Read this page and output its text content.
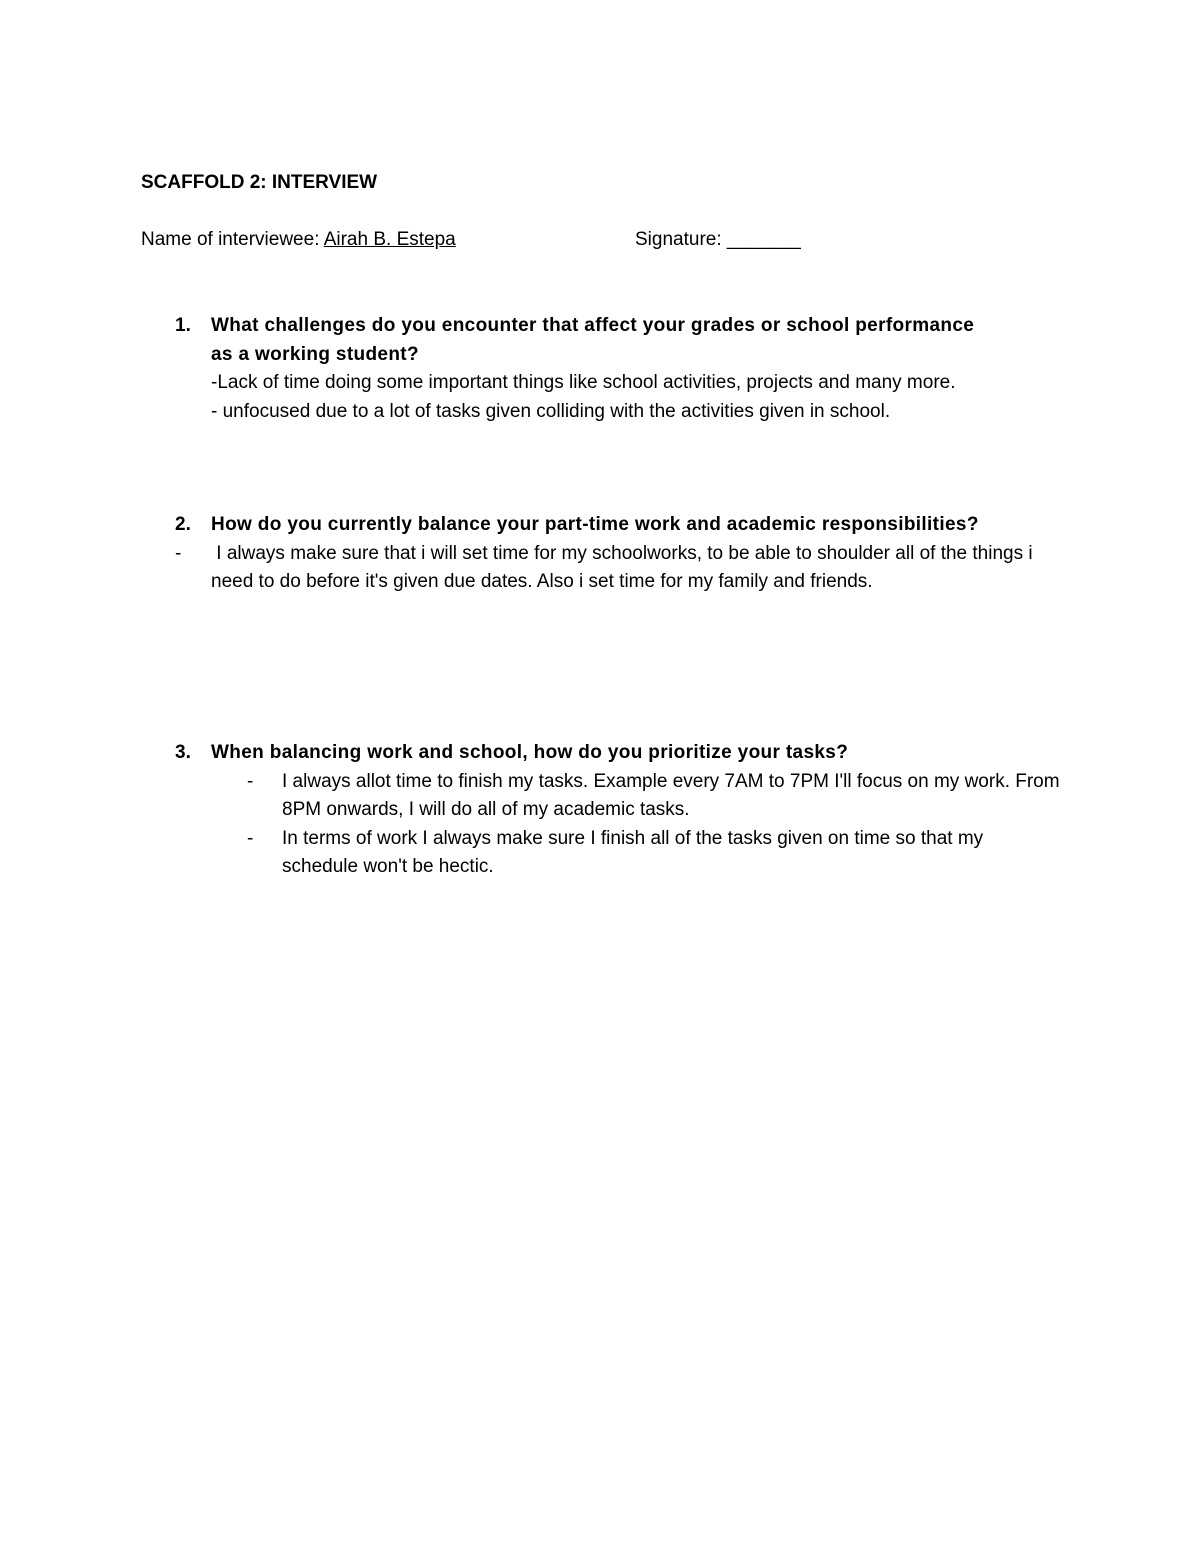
SCAFFOLD 2: INTERVIEW
Name of interviewee: Airah B. Estepa	Signature: _______
1. What challenges do you encounter that affect your grades or school performance
as a working student?
-Lack of time doing some important things like school activities, projects and many more.
- unfocused due to a lot of tasks given colliding with the activities given in school.
2. How do you currently balance your part-time work and academic responsibilities?
- I always make sure that i will set time for my schoolworks, to be able to shoulder all of the things i need to do before it's given due dates. Also i set time for my family and friends.
3. When balancing work and school, how do you prioritize your tasks?
- I always allot time to finish my tasks. Example every 7AM to 7PM I'll focus on my work. From 8PM onwards, I will do all of my academic tasks.
- In terms of work I always make sure I finish all of the tasks given on time so that my schedule won't be hectic.
